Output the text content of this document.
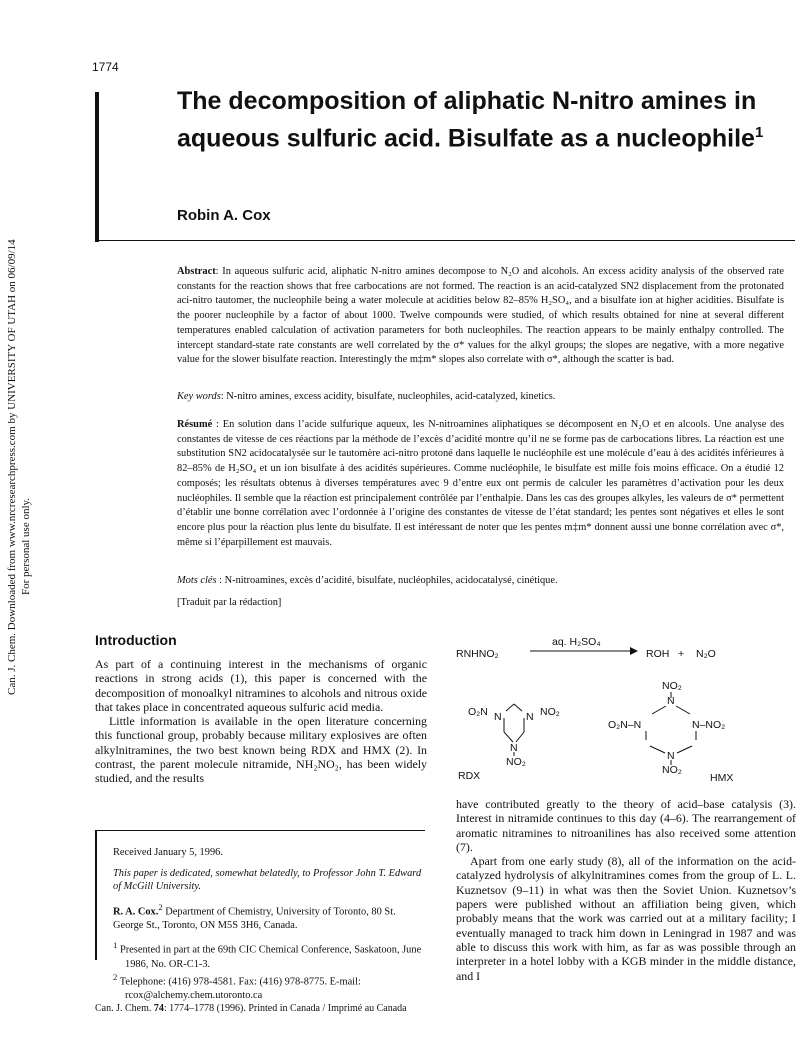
1774
Can. J. Chem. Downloaded from www.nrcresearchpress.com by UNIVERSITY OF UTAH on 06/09/14 For personal use only.
The decomposition of aliphatic N-nitro amines in aqueous sulfuric acid. Bisulfate as a nucleophile$^1$
Robin A. Cox
Abstract: In aqueous sulfuric acid, aliphatic N-nitro amines decompose to N₂O and alcohols. An excess acidity analysis of the observed rate constants for the reaction shows that free carbocations are not formed. The reaction is an acid-catalyzed SN2 displacement from the protonated aci-nitro tautomer, the nucleophile being a water molecule at acidities below 82–85% H₂SO₄, and a bisulfate ion at higher acidities. Bisulfate is the poorer nucleophile by a factor of about 1000. Twelve compounds were studied, of which results obtained for nine at several different temperatures enabled calculation of activation parameters for both nucleophiles. The reaction appears to be mainly enthalpy controlled. The intercept standard-state rate constants are well correlated by the σ* values for the alkyl groups; the slopes are negative, with a more negative value for the slower bisulfate reaction. Interestingly the m‡m* slopes also correlate with σ*, although the scatter is bad.
Key words: N-nitro amines, excess acidity, bisulfate, nucleophiles, acid-catalyzed, kinetics.
Résumé : En solution dans l’acide sulfurique aqueux, les N-nitroamines aliphatiques se décomposent en N₂O et en alcools. Une analyse des constantes de vitesse de ces réactions par la méthode de l’excès d’acidité montre qu’il ne se forme pas de carbocations libres. La réaction est une substitution SN2 acidocatalysée sur le tautomère aci-nitro protoné dans laquelle le nucléophile est une molécule d’eau à des acidités inférieures à 82–85% de H₂SO₄ et un ion bisulfate à des acidités supérieures. Comme nucléophile, le bisulfate est mille fois moins efficace. On a étudié 12 composés; les résultats obtenus à diverses températures avec 9 d’entre eux ont permis de calculer les paramètres d’activation pour les deux nucléophiles. Il semble que la réaction est principalement contrôlée par l’enthalpie. Dans les cas des groupes alkyles, les valeurs de σ* permettent d’établir une bonne corrélation avec l’ordonnée à l’origine des constantes de vitesse de l’état standard; les pentes sont négatives et elles le sont encore plus pour la réaction plus lente du bisulfate. Il est intéressant de noter que les pentes m‡m* donnent aussi une bonne corrélation avec σ*, même si l’éparpillement est mauvais.
Mots clés : N-nitroamines, excès d’acidité, bisulfate, nucléophiles, acidocatalysé, cinétique.
[Traduit par la rédaction]
Introduction

As part of a continuing interest in the mechanisms of organic reactions in strong acids (1), this paper is concerned with the decomposition of monoalkyl nitramines to alcohols and nitrous oxide that takes place in concentrated aqueous sulfuric acid media.

Little information is available in the open literature concerning this functional group, probably because military explosives are often alkylnitramines, the two best known being RDX and HMX (2). In contrast, the parent molecule nitramide, NH₂NO₂, has been widely studied, and the results

RNHNO₂
aq. H₂SO₄
ROH + N₂O
O₂N N N NO₂
N
NO₂
RDX
NO₂
N
O₂N–N	N–NO₂
N
NO₂
HMX

have contributed greatly to the theory of acid–base catalysis (3). Interest in nitramide continues to this day (4–6). The rearrangement of aromatic nitramines to nitroanilines has also received some attention (7).

Apart from one early study (8), all of the information on the acid-catalyzed hydrolysis of alkylnitramines comes from the group of L. L. Kuznetsov (9–11) in what was then the Soviet Union. Kuznetsov’s papers were published without an affiliation being given, which probably means that the work was carried out at a military facility; I eventually managed to track him down in Leningrad in 1987 and was able to discuss this work with him, as far as was possible through an interpreter in a hotel lobby with a KGB minder in the middle distance, and I

Received January 5, 1996.

This paper is dedicated, somewhat belatedly, to Professor John T. Edward of McGill University.

R. A. Cox.$^2$ Department of Chemistry, University of Toronto, 80 St. George St., Toronto, ON M5S 3H6, Canada.

$^1$ Presented in part at the 69th CIC Chemical Conference, Saskatoon, June 1986, No. OR-C1-3.

$^2$ Telephone: (416) 978-4581. Fax: (416) 978-8775. E-mail: rcox@alchemy.chem.utoronto.ca

Can. J. Chem. 74: 1774–1778 (1996). Printed in Canada / Imprimé au Canada
